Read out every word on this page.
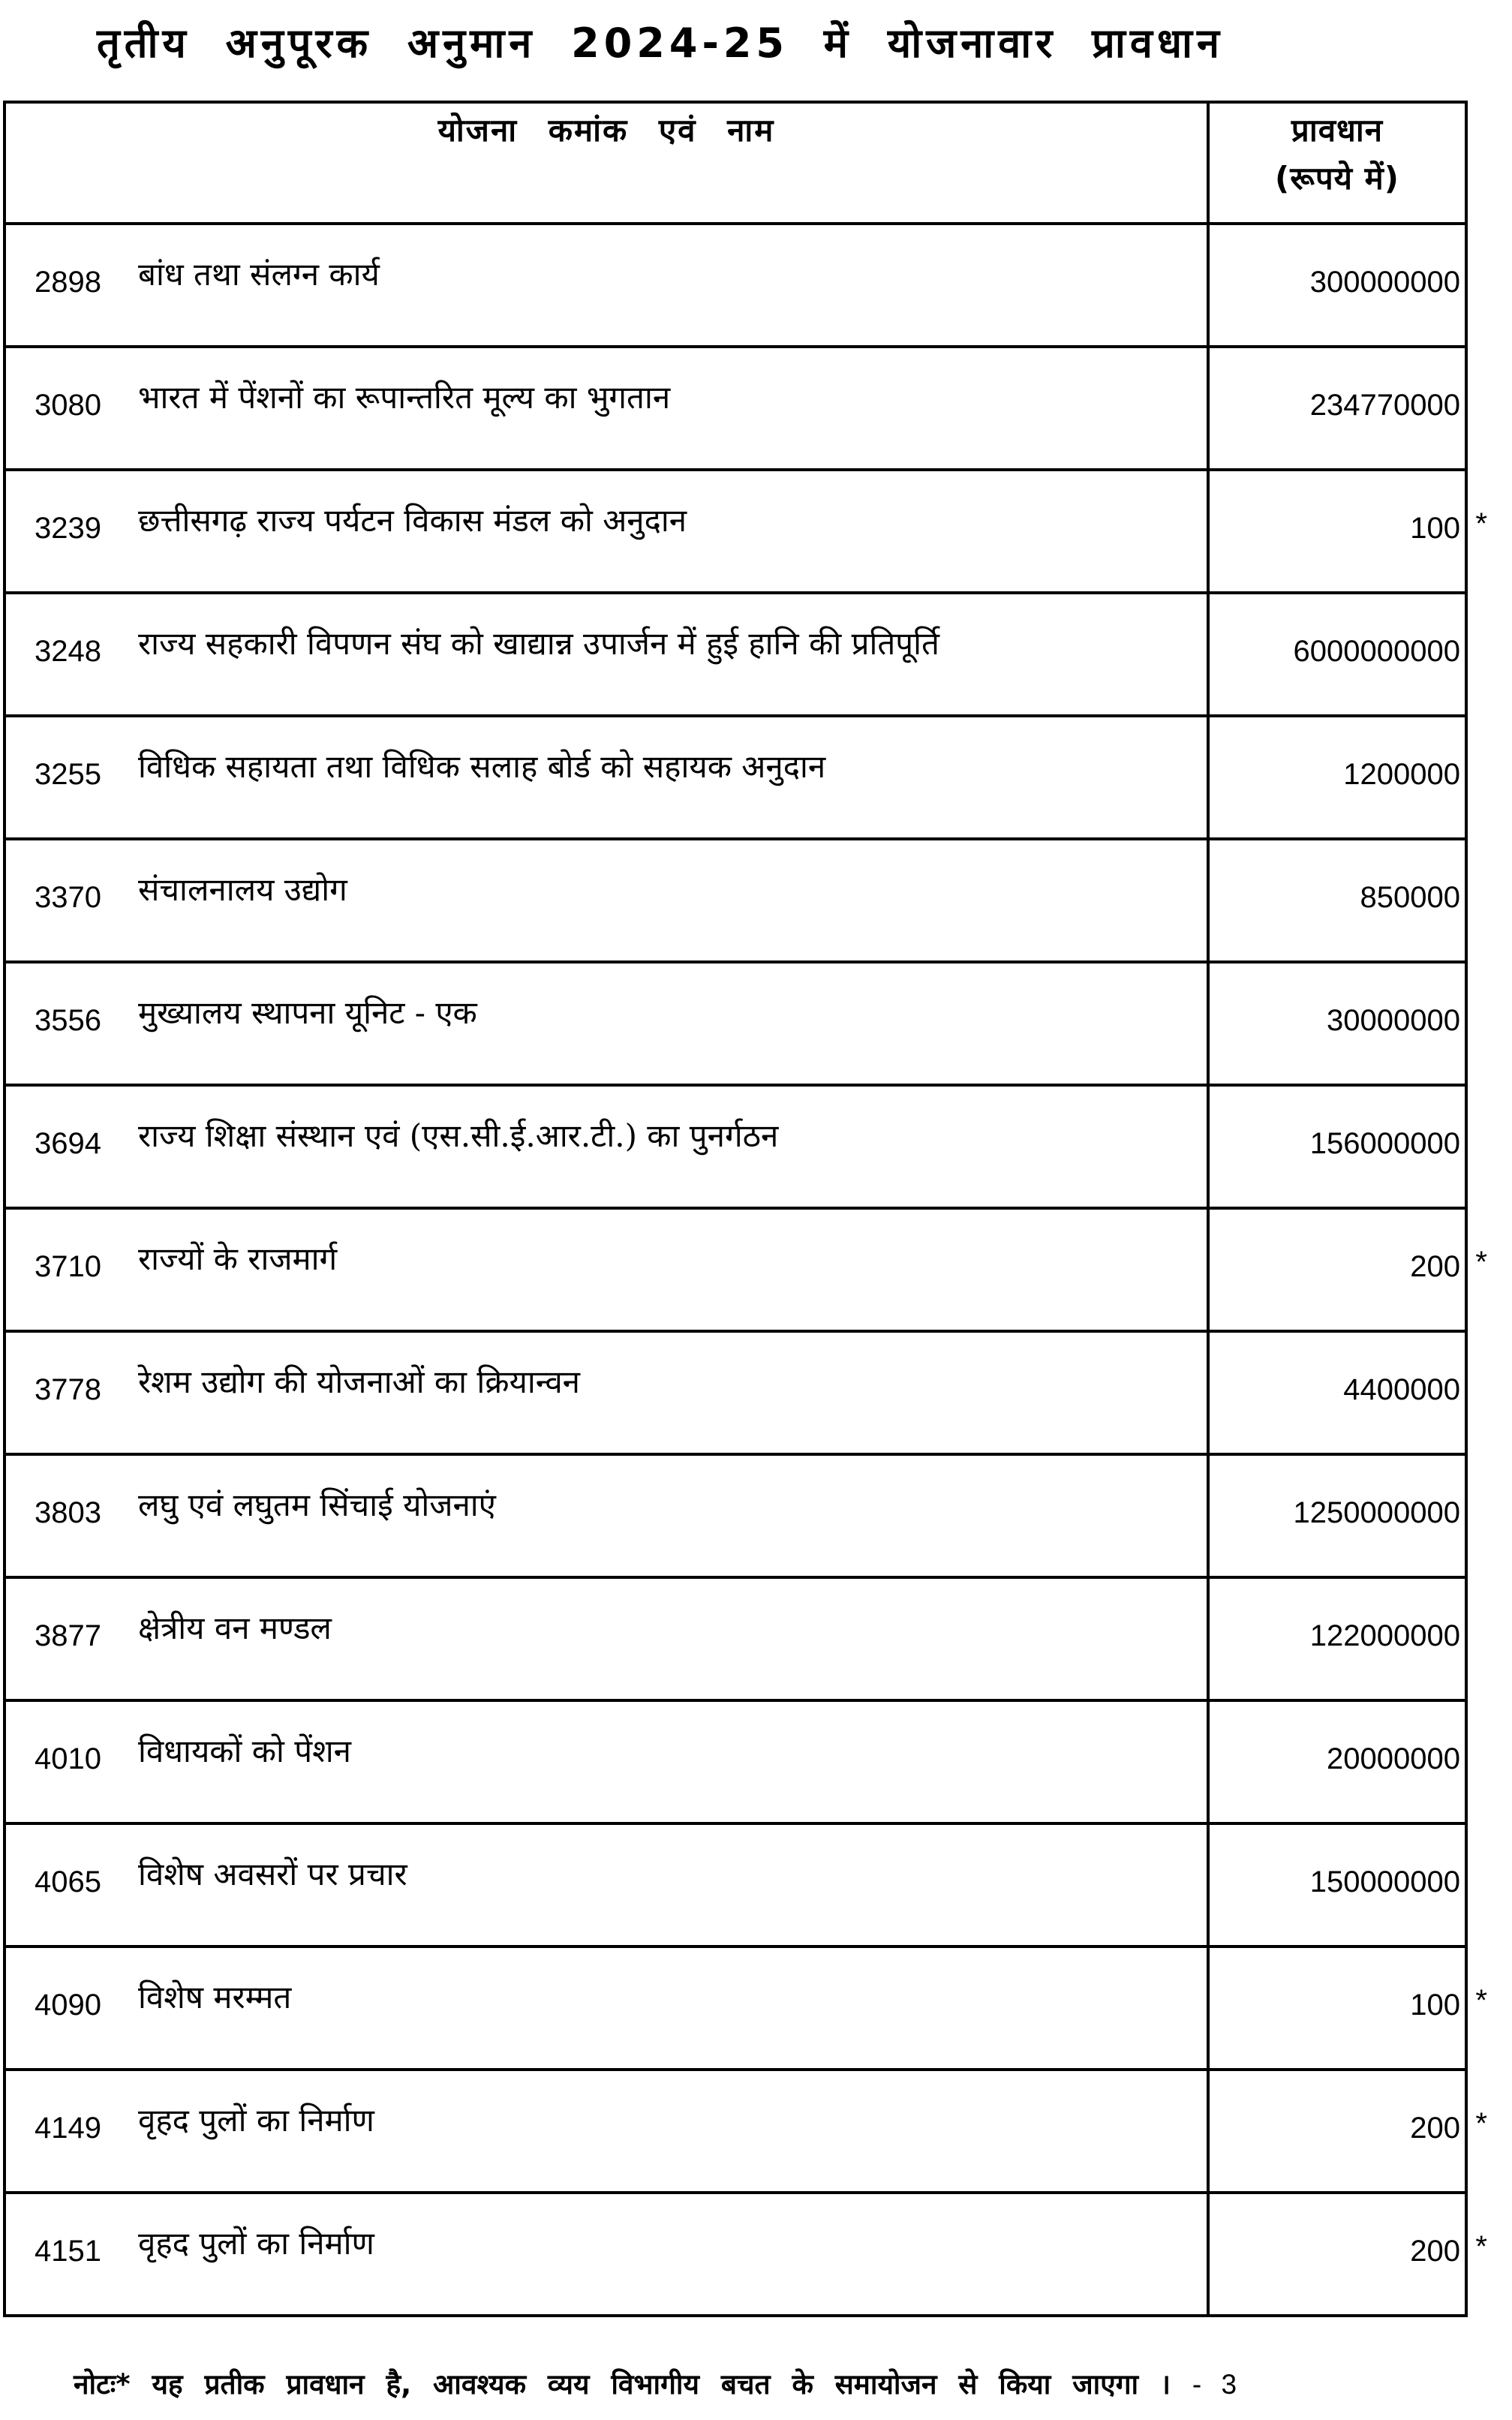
तृतीय अनुपूरक अनुमान 2024-25 में योजनावार प्रावधान
योजना कमांक एवं नाम	प्रावधान
(रूपये में)
2898 बांध तथा संलग्न कार्य	300000000
3080 भारत में पेंशनों का रूपान्तरित मूल्य का भुगतान	234770000
3239 छत्तीसगढ़ राज्य पर्यटन विकास मंडल को अनुदान	100 *
3248 राज्य सहकारी विपणन संघ को खाद्यान्न उपार्जन में हुई हानि की प्रतिपूर्ति	6000000000
3255 विधिक सहायता तथा विधिक सलाह बोर्ड को सहायक अनुदान	1200000
3370 संचालनालय उद्योग	850000
3556 मुख्यालय स्थापना यूनिट - एक	30000000
3694 राज्य शिक्षा संस्थान एवं (एस.सी.ई.आर.टी.) का पुनर्गठन	156000000
3710 राज्यों के राजमार्ग	200 *
3778 रेशम उद्योग की योजनाओं का क्रियान्वन	4400000
3803 लघु एवं लघुतम सिंचाई योजनाएं	1250000000
3877 क्षेत्रीय वन मण्डल	122000000
4010 विधायकों को पेंशन	20000000
4065 विशेष अवसरों पर प्रचार	150000000
4090 विशेष मरम्मत	100 *
4149 वृहद पुलों का निर्माण	200 *
4151 वृहद पुलों का निर्माण	200 *
नोटः* यह प्रतीक प्रावधान है, आवश्यक व्यय विभागीय बचत के समायोजन से किया जाएगा । - 3
